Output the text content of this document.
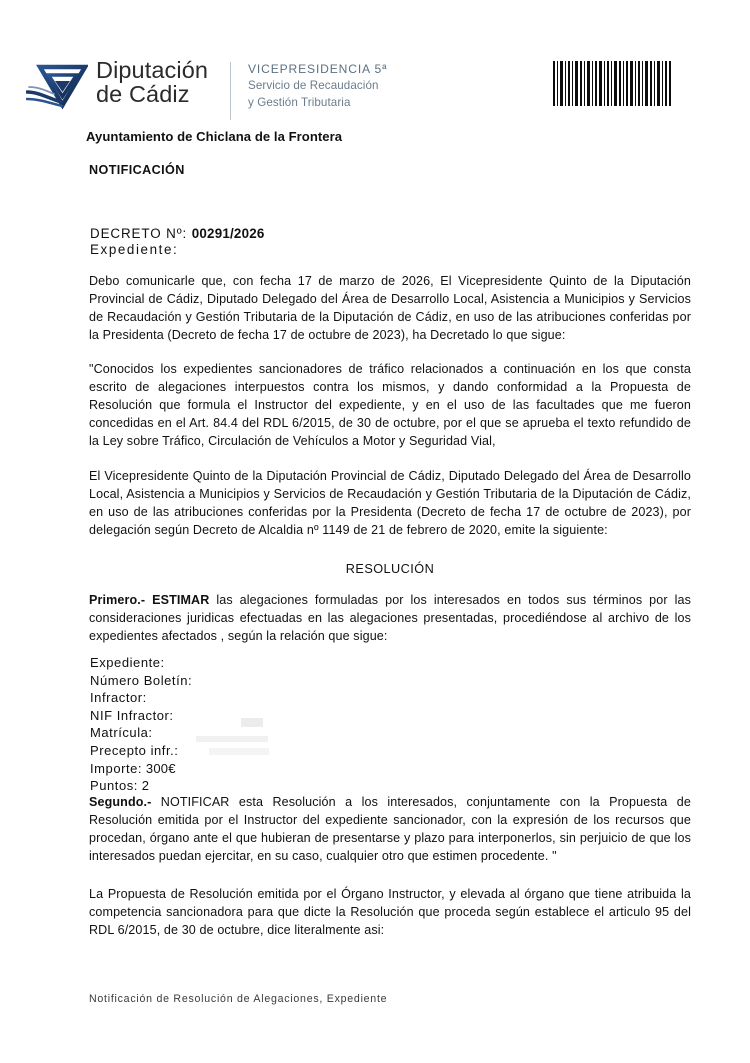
Diputación
de Cádiz
VICEPRESIDENCIA 5ª
Servicio de Recaudación
y Gestión Tributaria
Ayuntamiento de Chiclana de la Frontera
NOTIFICACIÓN
DECRETO Nº: 00291/2026
Expediente:
Debo comunicarle que, con fecha 17 de marzo de 2026, El Vicepresidente Quinto de la Diputación Provincial de Cádiz, Diputado Delegado del Área de Desarrollo Local, Asistencia a Municipios y Servicios de Recaudación y Gestión Tributaria de la Diputación de Cádiz, en uso de las atribuciones conferidas por la Presidenta (Decreto de fecha 17 de octubre de 2023), ha Decretado lo que sigue:
"Conocidos los expedientes sancionadores de tráfico relacionados a continuación en los que consta escrito de alegaciones interpuestos contra los mismos, y dando conformidad a la Propuesta de Resolución que formula el Instructor del expediente, y en el uso de las facultades que me fueron concedidas en el Art. 84.4 del RDL 6/2015, de 30 de octubre, por el que se aprueba el texto refundido de la Ley sobre Tráfico, Circulación de Vehículos a Motor y Seguridad Vial,
El Vicepresidente Quinto de la Diputación Provincial de Cádiz, Diputado Delegado del Área de Desarrollo Local, Asistencia a Municipios y Servicios de Recaudación y Gestión Tributaria de la Diputación de Cádiz, en uso de las atribuciones conferidas por la Presidenta (Decreto de fecha 17 de octubre de 2023), por delegación según Decreto de Alcaldia nº 1149 de 21 de febrero de 2020, emite la siguiente:
RESOLUCIÓN
Primero.- ESTIMAR las alegaciones formuladas por los interesados en todos sus términos por las consideraciones juridicas efectuadas en las alegaciones presentadas, procediéndose al archivo de los expedientes afectados , según la relación que sigue:
Expediente:
Número Boletín:
Infractor:
NIF Infractor:
Matrícula:
Precepto infr.:
Importe: 300€
Puntos: 2
Segundo.- NOTIFICAR esta Resolución a los interesados, conjuntamente con la Propuesta de Resolución emitida por el Instructor del expediente sancionador, con la expresión de los recursos que procedan, órgano ante el que hubieran de presentarse y plazo para interponerlos, sin perjuicio de que los interesados puedan ejercitar, en su caso, cualquier otro que estimen procedente. "
La Propuesta de Resolución emitida por el Órgano Instructor, y elevada al órgano que tiene atribuida la competencia sancionadora para que dicte la Resolución que proceda según establece el articulo 95 del RDL 6/2015, de 30 de octubre, dice literalmente asi:
Notificación de Resolución de Alegaciones, Expediente
